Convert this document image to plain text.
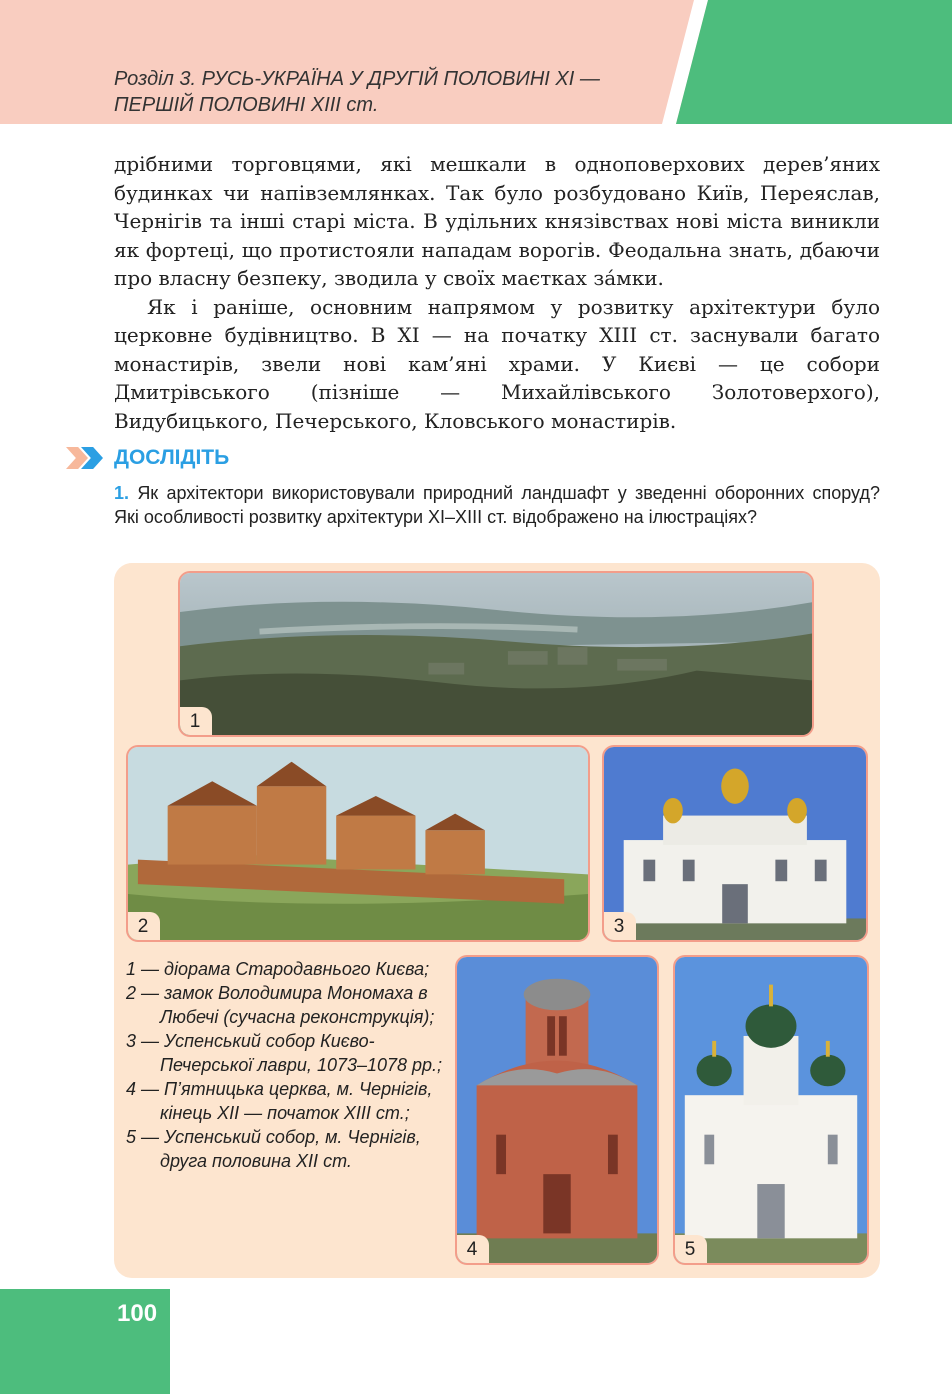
Розділ 3. РУСЬ-УКРАЇНА У ДРУГІЙ ПОЛОВИНІ ХІ —
ПЕРШІЙ ПОЛОВИНІ ХІІІ ст.

дрібними торговцями, які мешкали в одноповерхових дерев’яних будинках чи напівземлянках. Так було розбудовано Київ, Переяслав, Чернігів та інші старі міста. В удільних князівствах нові міста виникли як фортеці, що протистояли нападам ворогів. Феодальна знать, дбаючи про власну безпеку, зводила у своїх маєтках за́мки.

Як і раніше, основним напрямом у розвитку архітектури було церковне будівництво. В ХІ — на початку ХІІІ ст. заснували багато монастирів, звели нові кам’яні храми. У Києві — це собори Дмитрівського (пізніше — Михайлівського Золотоверхого), Видубицького, Печерського, Кловського монастирів.

ДОСЛІДІТЬ
1. Як архітектори використовували природний ландшафт у зведенні оборонних споруд? Які особливості розвитку архітектури ХІ–ХІІІ ст. відображено на ілюстраціях?
1
2	3
4	5
1 — діорама Стародавнього Києва;
2 — замок Володимира Мономаха в Любечі (сучасна реконструкція);
3 — Успенський собор Києво-Печерської лаври, 1073–1078 рр.;
4 — П’ятницька церква, м. Чернігів, кінець ХІІ — початок ХІІІ ст.;
5 — Успенський собор, м. Чернігів, друга половина ХІІ ст.
100
